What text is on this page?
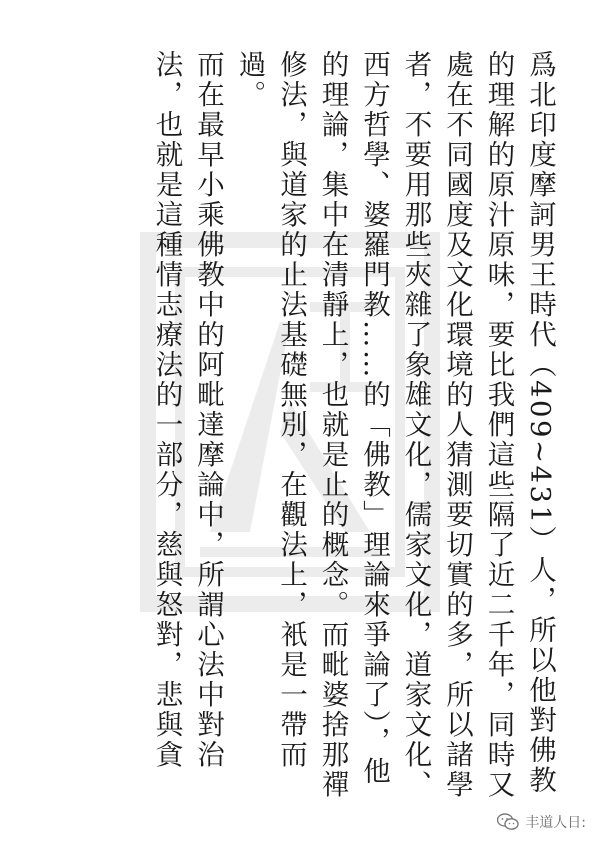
爲北印度摩訶男王時代（409~431）人，所以他對佛教的理解的原汁原味，要比我們這些隔了近二千年，同時又處在不同國度及文化環境的人猜測要切實的多，所以諸學者，不要用那些夾雜了象雄文化，儒家文化，道家文化、西方哲學、婆羅門教……的「佛教」理論來爭論了），他的理論，集中在清靜上，也就是止的概念。而毗婆捨那禪修法，與道家的止法基礎無別，在觀法上，衹是一帶而過。

而在最早小乘佛教中的阿毗達摩論中，所謂心法中對治法，也就是這種情志療法的一部分，慈與怒對，悲與貪

丰道人日:
